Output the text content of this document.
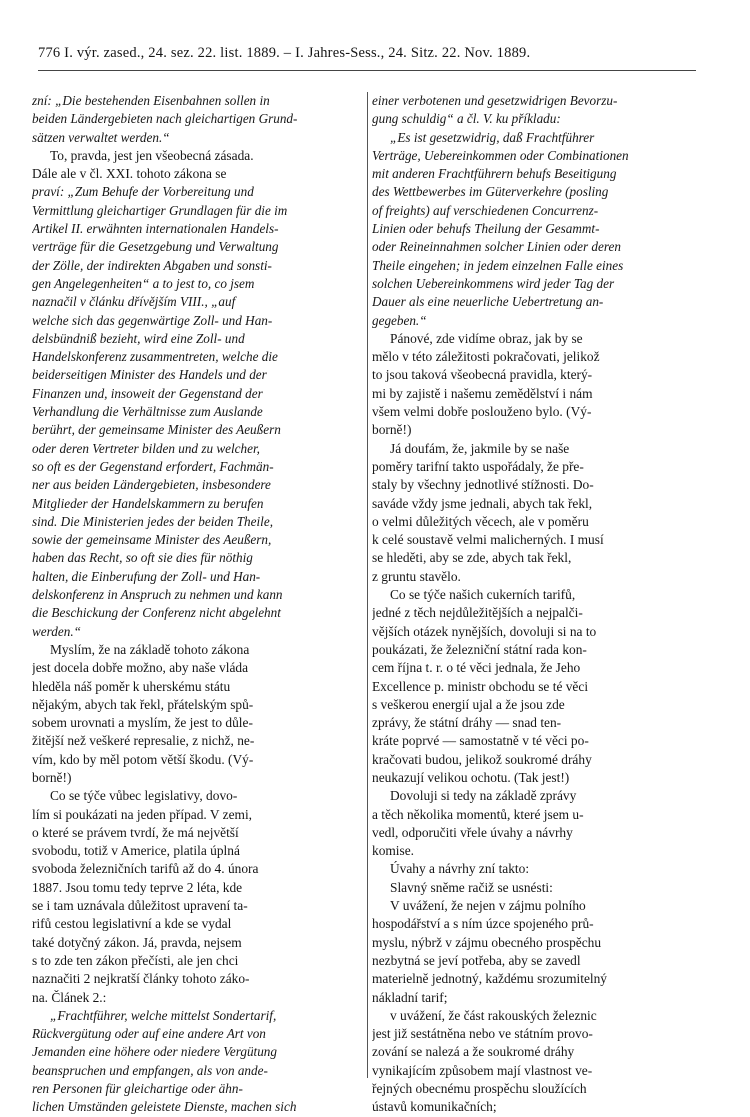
776 I. výr. zased., 24. sez. 22. list. 1889. – I. Jahres-Sess., 24. Sitz. 22. Nov. 1889.
zní: „Die bestehenden Eisenbahnen sollen in
beiden Ländergebieten nach gleichartigen Grund-
sätzen verwaltet werden.“
To, pravda, jest jen všeobecná zásada.
Dále ale v čl. XXI. tohoto zákona se
praví: „Zum Behufe der Vorbereitung und
Vermittlung gleichartiger Grundlagen für die im
Artikel II. erwähnten internationalen Handels-
verträge für die Gesetzgebung und Verwaltung
der Zölle, der indirekten Abgaben und sonsti-
gen Angelegenheiten“ a to jest to, co jsem
naznačil v článku dřívějším VIII., „auf
welche sich das gegenwärtige Zoll- und Han-
delsbündniß bezieht, wird eine Zoll- und
Handelskonferenz zusammentreten, welche die
beiderseitigen Minister des Handels und der
Finanzen und, insoweit der Gegenstand der
Verhandlung die Verhältnisse zum Auslande
berührt, der gemeinsame Minister des Aeußern
oder deren Vertreter bilden und zu welcher,
so oft es der Gegenstand erfordert, Fachmän-
ner aus beiden Ländergebieten, insbesondere
Mitglieder der Handelskammern zu berufen
sind. Die Ministerien jedes der beiden Theile,
sowie der gemeinsame Minister des Aeußern,
haben das Recht, so oft sie dies für nöthig
halten, die Einberufung der Zoll- und Han-
delskonferenz in Anspruch zu nehmen und kann
die Beschickung der Conferenz nicht abgelehnt
werden.“
Myslím, že na základě tohoto zákona
jest docela dobře možno, aby naše vláda
hleděla náš poměr k uherskému státu
nějakým, abych tak řekl, přátelským spů-
sobem urovnati a myslím, že jest to důle-
žitější než veškeré represalie, z nichž, ne-
vím, kdo by měl potom větší škodu. (Vý-
borně!)
Co se týče vůbec legislativy, dovo-
lím si poukázati na jeden případ. V zemi,
o které se právem tvrdí, že má největší
svobodu, totiž v Americe, platila úplná
svoboda železničních tarifů až do 4. února
1887. Jsou tomu tedy teprve 2 léta, kde
se i tam uznávala důležitost upravení ta-
rifů cestou legislativní a kde se vydal
také dotyčný zákon. Já, pravda, nejsem
s to zde ten zákon přečísti, ale jen chci
naznačiti 2 nejkratší články tohoto záko-
na. Článek 2.:
„Frachtführer, welche mittelst Sondertarif,
Rückvergütung oder auf eine andere Art von
Jemanden eine höhere oder niedere Vergütung
beanspruchen und empfangen, als von ande-
ren Personen für gleichartige oder ähn-
lichen Umständen geleistete Dienste, machen sich
einer verbotenen und gesetzwidrigen Bevorzu-
gung schuldig“ a čl. V. ku příkladu:
„Es ist gesetzwidrig, daß Frachtführer
Verträge, Uebereinkommen oder Combinationen
mit anderen Frachtführern behufs Beseitigung
des Wettbewerbes im Güterverkehre (posling
of freights) auf verschiedenen Concurrenz-
Linien oder behufs Theilung der Gesammt-
oder Reineinnahmen solcher Linien oder deren
Theile eingehen; in jedem einzelnen Falle eines
solchen Uebereinkommens wird jeder Tag der
Dauer als eine neuerliche Uebertretung an-
gegeben.“
Pánové, zde vidíme obraz, jak by se
mělo v této záležitosti pokračovati, jelikož
to jsou taková všeobecná pravidla, který-
mi by zajistě i našemu zemědělství i nám
všem velmi dobře poslouženo bylo. (Vý-
borně!)
Já doufám, že, jakmile by se naše
poměry tarifní takto uspořádaly, že pře-
staly by všechny jednotlivé stížnosti. Do-
saváde vždy jsme jednali, abych tak řekl,
o velmi důležitých věcech, ale v poměru
k celé soustavě velmi malicherných. I musí
se hleděti, aby se zde, abych tak řekl,
z gruntu stavělo.
Co se týče našich cukerních tarifů,
jedné z těch nejdůležitějších a nejpalči-
vějších otázek nynějších, dovoluji si na to
poukázati, že železniční státní rada kon-
cem října t. r. o té věci jednala, že Jeho
Excellence p. ministr obchodu se té věci
s veškerou energií ujal a že jsou zde
zprávy, že státní dráhy — snad ten-
kráte poprvé — samostatně v té věci po-
kračovati budou, jelikož soukromé dráhy
neukazují velikou ochotu. (Tak jest!)
Dovoluji si tedy na základě zprávy
a těch několika momentů, které jsem u-
vedl, odporučiti vřele úvahy a návrhy
komise.
Úvahy a návrhy zní takto:
Slavný sněme račiž se usnésti:
V uvážení, že nejen v zájmu polního
hospodářství a s ním úzce spojeného prů-
myslu, nýbrž v zájmu obecného prospěchu
nezbytná se jeví potřeba, aby se zavedl
materielně jednotný, každému srozumitelný
nákladní tarif;
v uvážení, že část rakouských železnic
jest již sestátněna nebo ve státním provo-
zování se nalezá a že soukromé dráhy
vynikajícím způsobem mají vlastnost ve-
řejných obecnému prospěchu sloužících
ústavů komunikačních;
